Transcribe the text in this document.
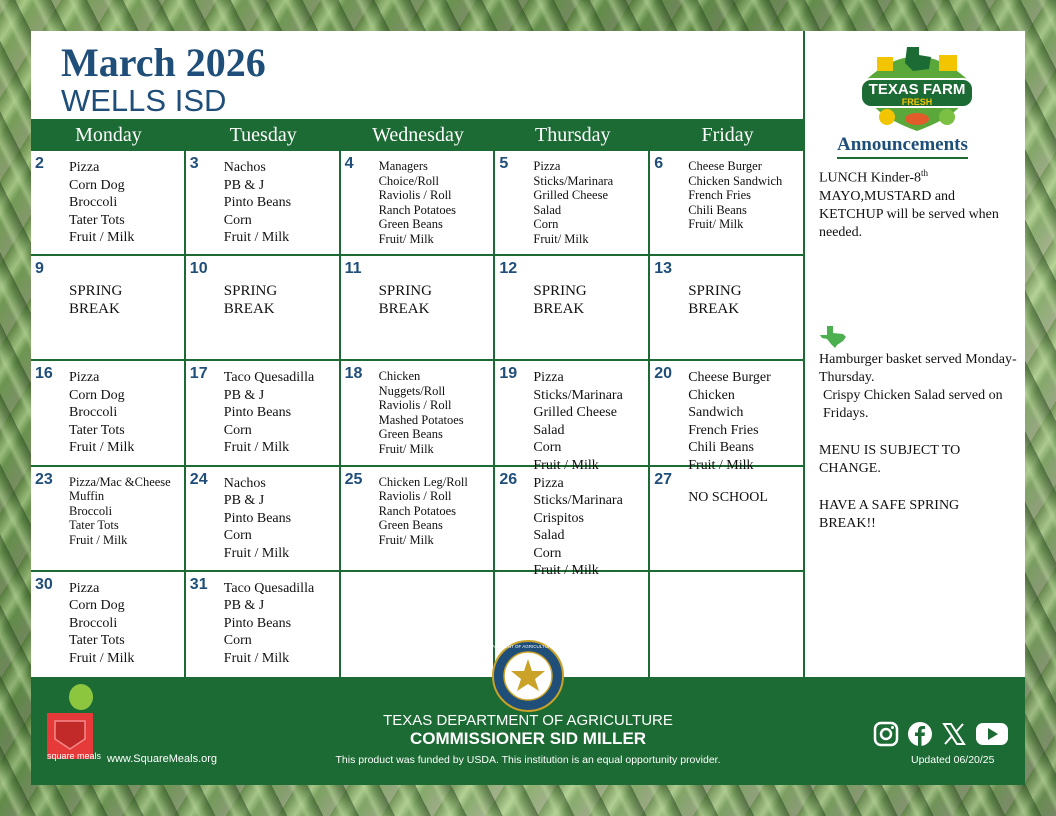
March 2026
WELLS ISD
Monday	Tuesday	Wednesday	Thursday	Friday
2 Pizza
Corn Dog
Broccoli
Tater Tots
Fruit / Milk
3 Nachos
PB & J
Pinto Beans
Corn
Fruit / Milk
4 Managers
Choice/Roll
Raviolis / Roll
Ranch Potatoes
Green Beans
Fruit/ Milk
5 Pizza
Sticks/Marinara
Grilled Cheese
Salad
Corn
Fruit/ Milk
6 Cheese Burger
Chicken Sandwich
French Fries
Chili Beans
Fruit/ Milk
9
SPRING
BREAK
10
SPRING
BREAK
11
SPRING
BREAK
12
SPRING
BREAK
13
SPRING
BREAK
16 Pizza
Corn Dog
Broccoli
Tater Tots
Fruit / Milk
17 Taco Quesadilla
PB & J
Pinto Beans
Corn
Fruit / Milk
18 Chicken
Nuggets/Roll
Raviolis / Roll
Mashed Potatoes
Green Beans
Fruit/ Milk
19 Pizza
Sticks/Marinara
Grilled Cheese
Salad
Corn
Fruit / Milk
20 Cheese Burger
Chicken
Sandwich
French Fries
Chili Beans
Fruit / Milk
23 Pizza/Mac &Cheese
Muffin
Broccoli
Tater Tots
Fruit / Milk
24 Nachos
PB & J
Pinto Beans
Corn
Fruit / Milk
25 Chicken Leg/Roll
Raviolis / Roll
Ranch Potatoes
Green Beans
Fruit/ Milk
26 Pizza
Sticks/Marinara
Crispitos
Salad
Corn
Fruit / Milk
27
NO SCHOOL
30 Pizza
Corn Dog
Broccoli
Tater Tots
Fruit / Milk
31 Taco Quesadilla
PB & J
Pinto Beans
Corn
Fruit / Milk
TEXAS FARM
FRESH
Announcements
LUNCH Kinder-8th MAYO,MUSTARD and KETCHUP will be served when needed.
Hamburger basket served Monday-Thursday.
Crispy Chicken Salad served on Fridays.
MENU IS SUBJECT TO CHANGE.
HAVE A SAFE SPRING BREAK!!
square meals www.SquareMeals.org
DEPARTMENT OF AGRICULTURE · TEXAS
TEXAS DEPARTMENT OF AGRICULTURE
COMMISSIONER SID MILLER
This product was funded by USDA. This institution is an equal opportunity provider.	Updated 06/20/25
